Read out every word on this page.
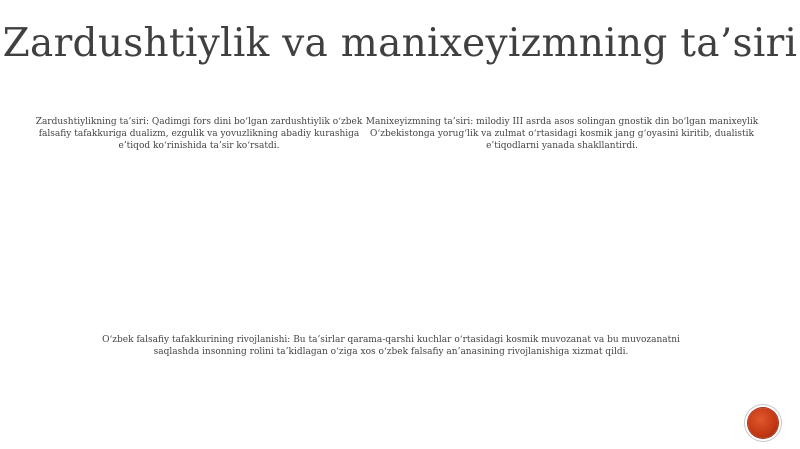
Zardushtiylik va manixeyizmning ta’siri
Zardushtiylikning ta’siri: Qadimgi fors dini bo‘lgan zardushtiylik o‘zbek falsafiy tafakkuriga dualizm, ezgulik va yovuzlikning abadiy kurashiga e’tiqod ko‘rinishida ta’sir ko‘rsatdi.
Manixeyizmning ta’siri: milodiy III asrda asos solingan gnostik din bo‘lgan manixeylik O‘zbekistonga yorug‘lik va zulmat o‘rtasidagi kosmik jang g‘oyasini kiritib, dualistik e’tiqodlarni yanada shakllantirdi.
O‘zbek falsafiy tafakkurining rivojlanishi: Bu ta’sirlar qarama-qarshi kuchlar o‘rtasidagi kosmik muvozanat va bu muvozanatni saqlashda insonning rolini ta’kidlagan o‘ziga xos o‘zbek falsafiy an’anasining rivojlanishiga xizmat qildi.
